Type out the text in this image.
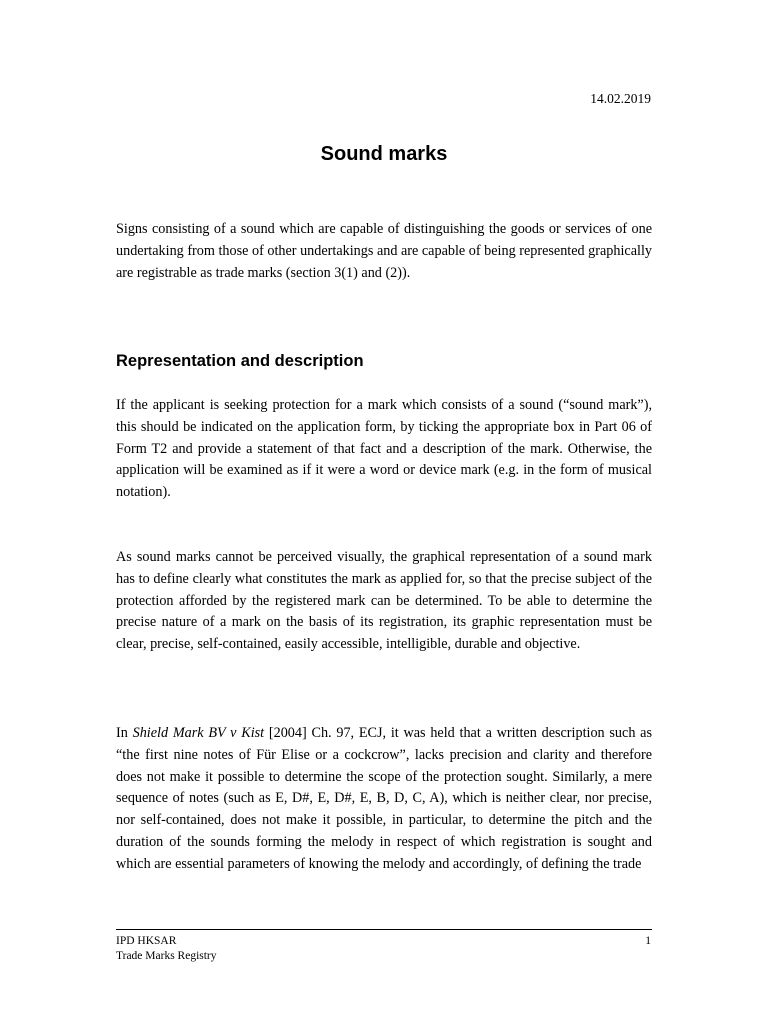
14.02.2019
Sound marks

Signs consisting of a sound which are capable of distinguishing the goods or services of one undertaking from those of other undertakings and are capable of being represented graphically are registrable as trade marks (section 3(1) and (2)).

Representation and description

If the applicant is seeking protection for a mark which consists of a sound (“sound mark”), this should be indicated on the application form, by ticking the appropriate box in Part 06 of Form T2 and provide a statement of that fact and a description of the mark. Otherwise, the application will be examined as if it were a word or device mark (e.g. in the form of musical notation).

As sound marks cannot be perceived visually, the graphical representation of a sound mark has to define clearly what constitutes the mark as applied for, so that the precise subject of the protection afforded by the registered mark can be determined. To be able to determine the precise nature of a mark on the basis of its registration, its graphic representation must be clear, precise, self-contained, easily accessible, intelligible, durable and objective.

In Shield Mark BV v Kist [2004] Ch. 97, ECJ, it was held that a written description such as “the first nine notes of Für Elise or a cockcrow”, lacks precision and clarity and therefore does not make it possible to determine the scope of the protection sought. Similarly, a mere sequence of notes (such as E, D#, E, D#, E, B, D, C, A), which is neither clear, nor precise, nor self-contained, does not make it possible, in particular, to determine the pitch and the duration of the sounds forming the melody in respect of which registration is sought and which are essential parameters of knowing the melody and accordingly, of defining the trade

IPD HKSAR
Trade Marks Registry
1
